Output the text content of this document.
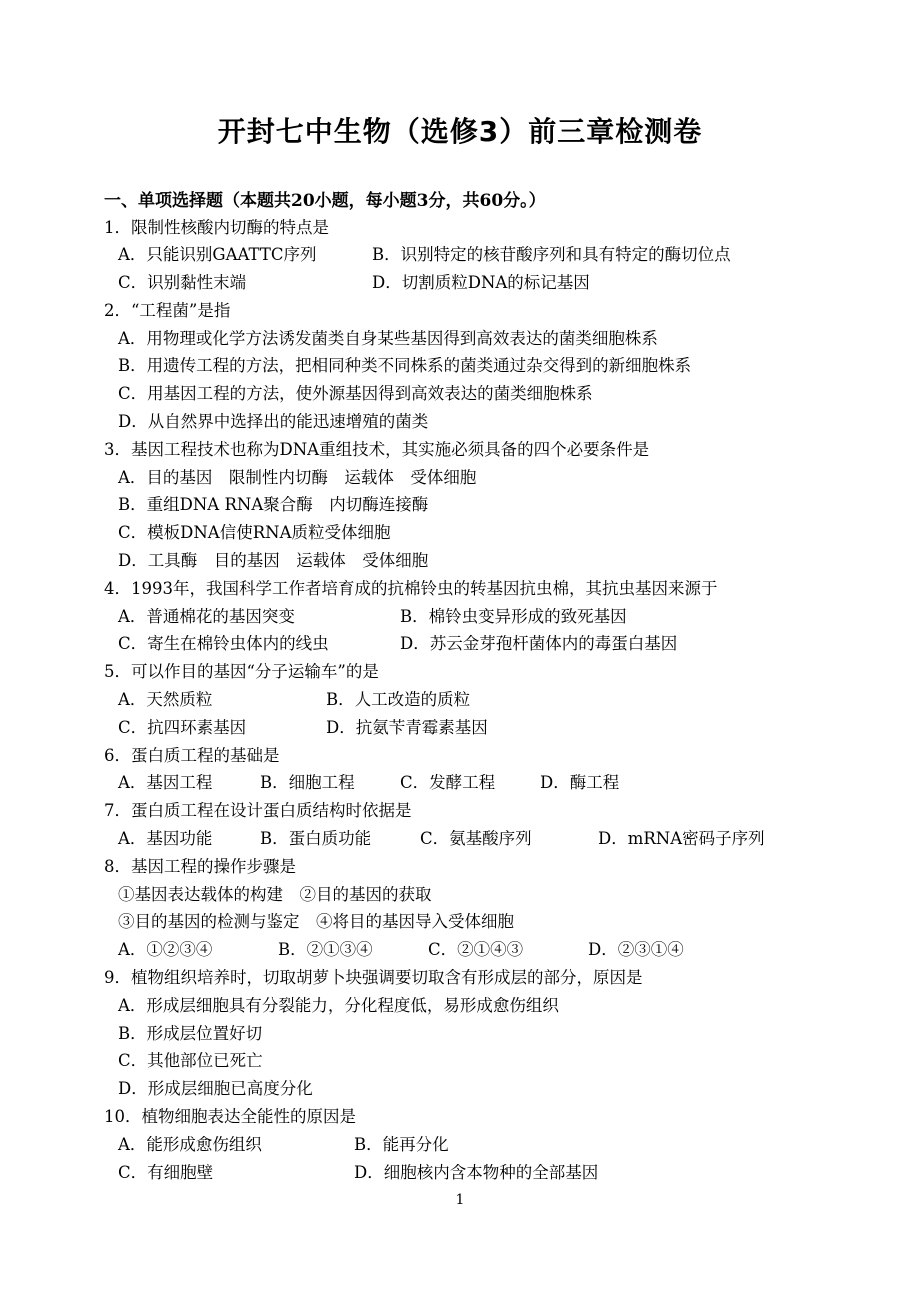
开封七中生物（选修3）前三章检测卷
一、单项选择题（本题共20小题，每小题3分，共60分。）
1．限制性核酸内切酶的特点是
A．只能识别GAATTC序列	B．识别特定的核苷酸序列和具有特定的酶切位点
C．识别黏性末端	D．切割质粒DNA的标记基因
2．“工程菌”是指
A．用物理或化学方法诱发菌类自身某些基因得到高效表达的菌类细胞株系
B．用遗传工程的方法，把相同种类不同株系的菌类通过杂交得到的新细胞株系
C．用基因工程的方法，使外源基因得到高效表达的菌类细胞株系
D．从自然界中选择出的能迅速增殖的菌类
3．基因工程技术也称为DNA重组技术，其实施必须具备的四个必要条件是
A．目的基因　限制性内切酶　运载体　受体细胞
B．重组DNA RNA聚合酶　内切酶连接酶
C．模板DNA信使RNA质粒受体细胞
D．工具酶　目的基因　运载体　受体细胞
4．1993年，我国科学工作者培育成的抗棉铃虫的转基因抗虫棉，其抗虫基因来源于
A．普通棉花的基因突变	B．棉铃虫变异形成的致死基因
C．寄生在棉铃虫体内的线虫	D．苏云金芽孢杆菌体内的毒蛋白基因
5．可以作目的基因“分子运输车”的是
A．天然质粒	B．人工改造的质粒
C．抗四环素基因	D．抗氨苄青霉素基因
6．蛋白质工程的基础是
A．基因工程	B．细胞工程	C．发酵工程	D．酶工程
7．蛋白质工程在设计蛋白质结构时依据是
A．基因功能	B．蛋白质功能	C．氨基酸序列	D．mRNA密码子序列
8．基因工程的操作步骤是
①基因表达载体的构建　②目的基因的获取
③目的基因的检测与鉴定　④将目的基因导入受体细胞
A．①②③④	B．②①③④	C．②①④③	D．②③①④
9．植物组织培养时，切取胡萝卜块强调要切取含有形成层的部分，原因是
A．形成层细胞具有分裂能力，分化程度低，易形成愈伤组织
B．形成层位置好切
C．其他部位已死亡
D．形成层细胞已高度分化
10．植物细胞表达全能性的原因是
A．能形成愈伤组织	B．能再分化
C．有细胞壁	D．细胞核内含本物种的全部基因
1
